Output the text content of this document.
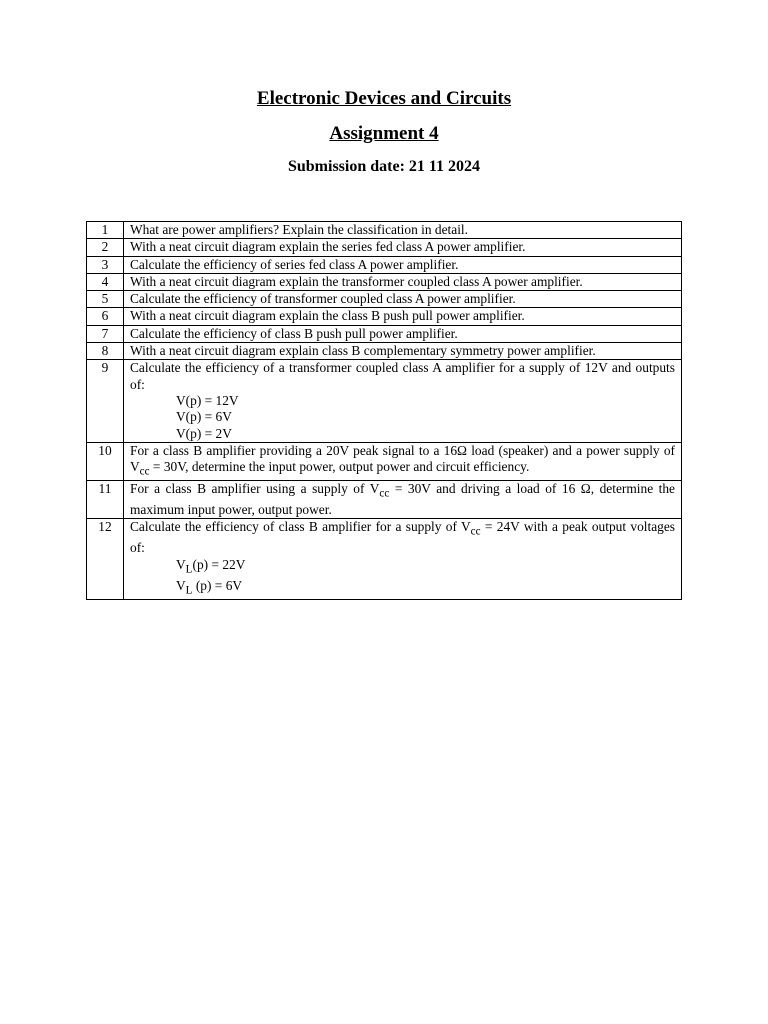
Electronic Devices and Circuits
Assignment 4
Submission date: 21 11 2024
1	What are power amplifiers? Explain the classification in detail.
2	With a neat circuit diagram explain the series fed class A power amplifier.
3	Calculate the efficiency of series fed class A power amplifier.
4	With a neat circuit diagram explain the transformer coupled class A power amplifier.
5	Calculate the efficiency of transformer coupled class A power amplifier.
6	With a neat circuit diagram explain the class B push pull power amplifier.
7	Calculate the efficiency of class B push pull power amplifier.
8	With a neat circuit diagram explain class B complementary symmetry power amplifier.
9	Calculate the efficiency of a transformer coupled class A amplifier for a supply of 12V and outputs of:
V(p) = 12V
V(p) = 6V
V(p) = 2V

10	For a class B amplifier providing a 20V peak signal to a 16Ω load (speaker) and a power supply of $V_{cc} = 30V$, determine the input power, output power and circuit efficiency.

11	For a class B amplifier using a supply of $V_{cc} = 30V$ and driving a load of 16 Ω, determine the maximum input power, output power.

12	Calculate the efficiency of class B amplifier for a supply of $V_{cc} = 24V$ with a peak output voltages of:
$V_L(p) = 22V$
$V_L$ (p) = 6V
